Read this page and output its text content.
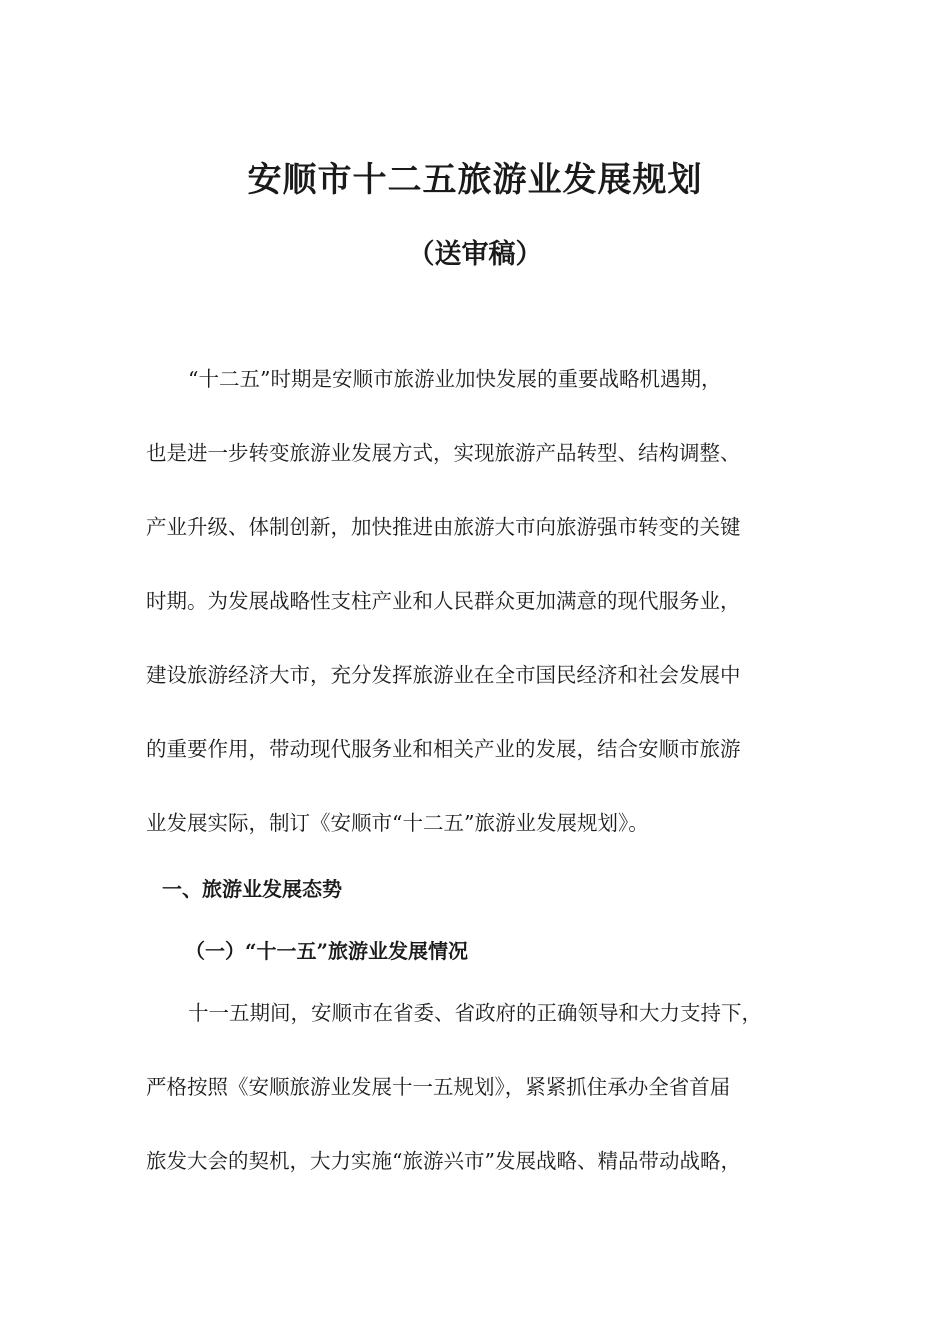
安顺市十二五旅游业发展规划
（送审稿）

“十二五”时期是安顺市旅游业加快发展的重要战略机遇期，

也是进一步转变旅游业发展方式，实现旅游产品转型、结构调整、

产业升级、体制创新，加快推进由旅游大市向旅游强市转变的关键

时期。为发展战略性支柱产业和人民群众更加满意的现代服务业，

建设旅游经济大市，充分发挥旅游业在全市国民经济和社会发展中

的重要作用，带动现代服务业和相关产业的发展，结合安顺市旅游

业发展实际，制订《安顺市“十二五”旅游业发展规划》。

一、旅游业发展态势
（一）“十一五”旅游业发展情况

十一五期间，安顺市在省委、省政府的正确领导和大力支持下，

严格按照《安顺旅游业发展十一五规划》，紧紧抓住承办全省首届

旅发大会的契机，大力实施“旅游兴市”发展战略、精品带动战略，
